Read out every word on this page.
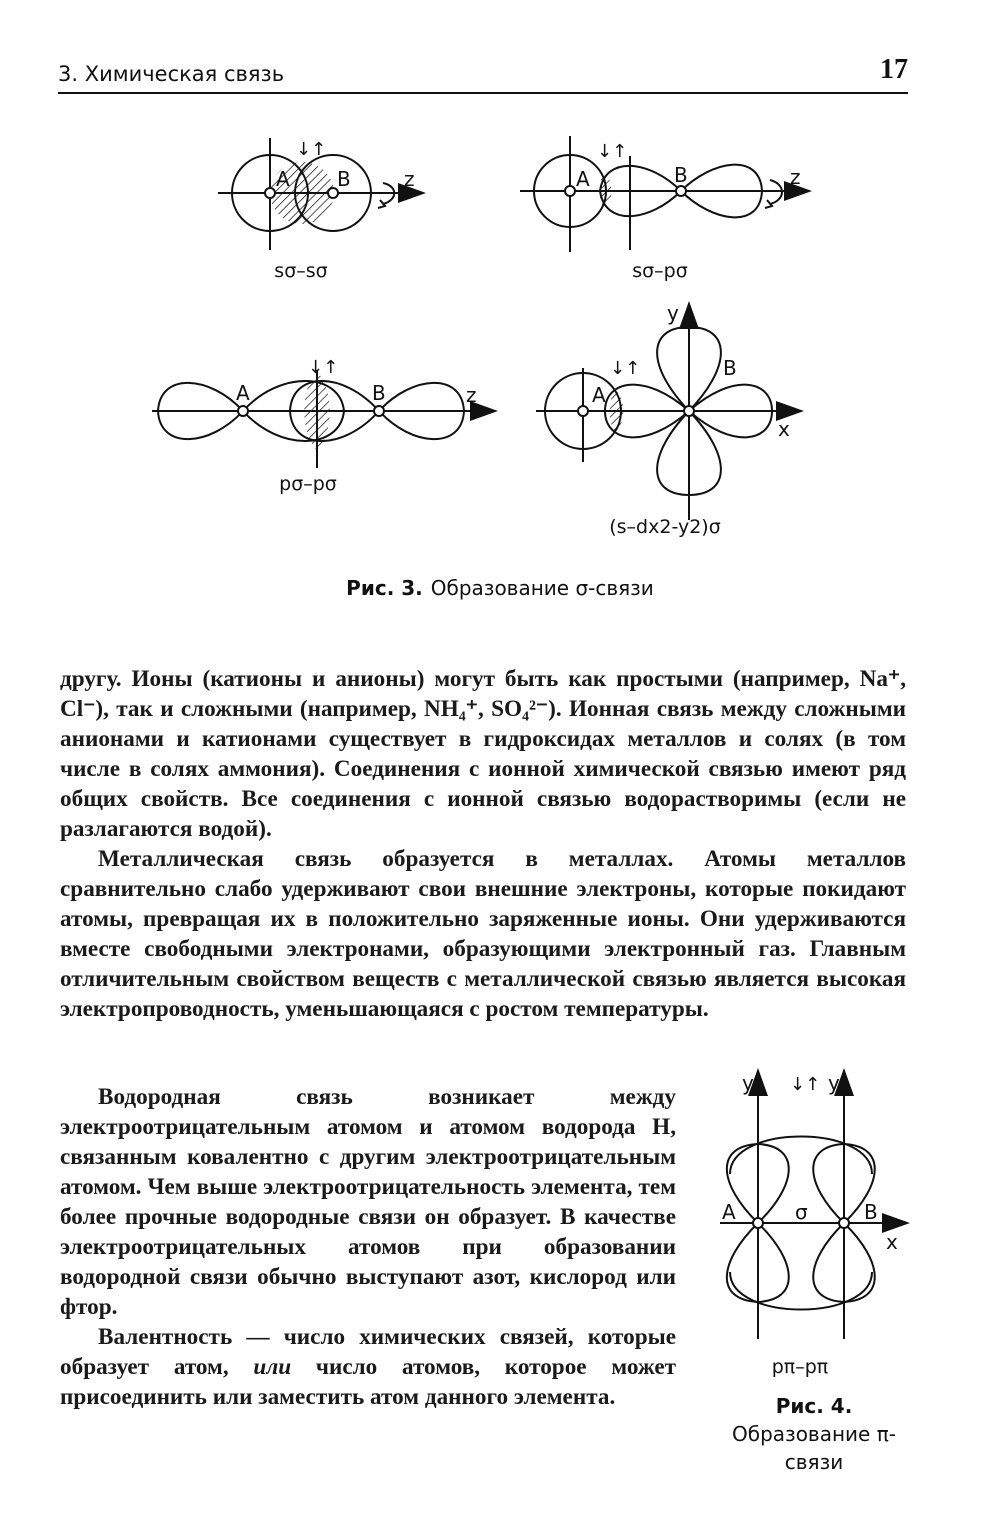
3. Химическая связь	17
↓↑
A B	z
sσ–sσ
↓↑
A	B	z
sσ–pσ
↓↑
A	B	z
pσ–pσ
↓↑
A
B
y
x
(s–dx2-y2)σ
Рис. 3. Образование σ-связи

другу. Ионы (катионы и анионы) могут быть как простыми (например, Na⁺, Cl⁻), так и сложными (например, NH₄⁺, SO₄²⁻). Ионная связь между сложными анионами и катионами существует в гидроксидах металлов и солях (в том числе в солях аммония). Соединения с ионной химической связью имеют ряд общих свойств. Все соединения с ионной связью водорастворимы (если не разлагаются водой).

Металлическая связь образуется в металлах. Атомы металлов сравнительно слабо удерживают свои внешние электроны, которые покидают атомы, превращая их в положительно заряженные ионы. Они удерживаются вместе свободными электронами, образующими электронный газ. Главным отличительным свойством веществ с металлической связью является высокая электропроводность, уменьшающаяся с ростом температуры.

Водородная связь	возникает между электроотрицательным атомом и атомом водорода Н, связанным ковалентно с другим электроотрицательным атомом. Чем выше электроотрицательность элемента, тем более прочные водородные связи он образует. В качестве электроотрицательных атомов при образовании водородной связи обычно выступают азот, кислород или фтор.

Валентность — число химических связей, которые образует атом, или число атомов, которое может присоединить или заместить атом данного элемента.

y	y
↓↑
A	B
σ
x
pπ–pπ
Рис. 4. Образование π-связи
